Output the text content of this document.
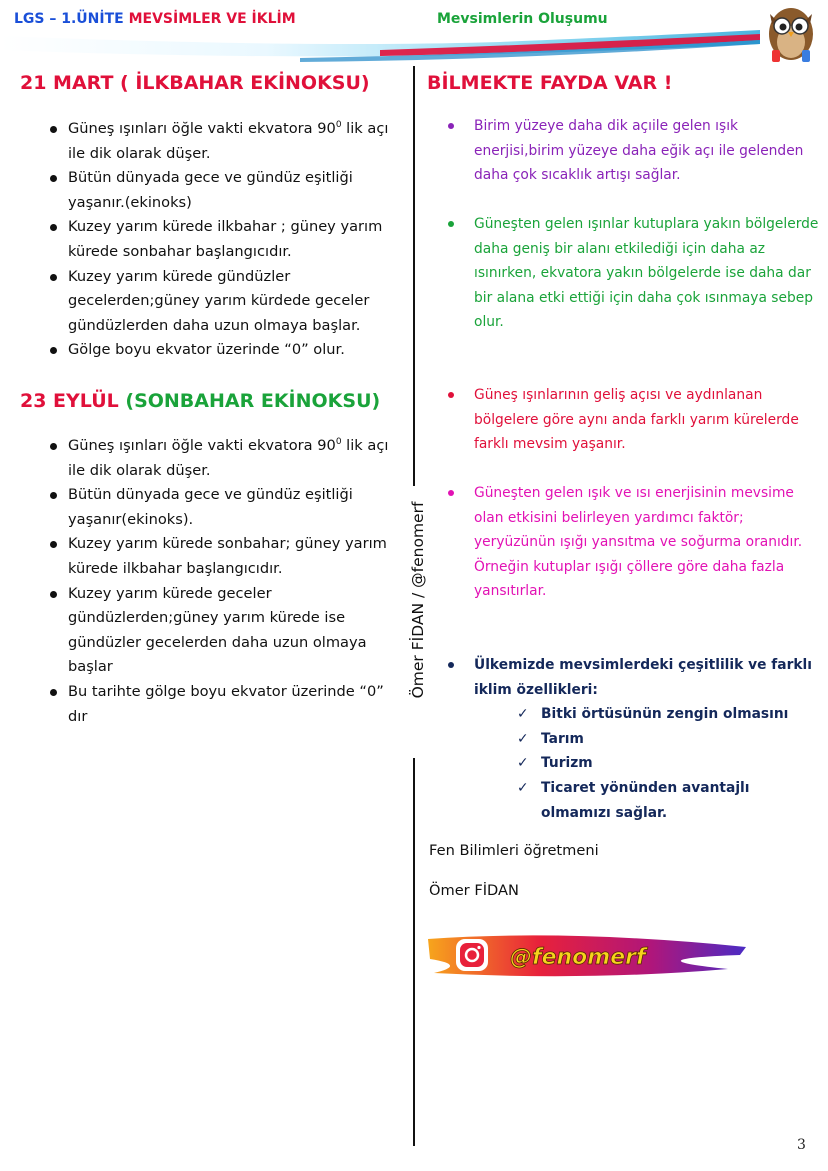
LGS – 1.ÜNİTE MEVSİMLER VE İKLİM	Mevsimlerin Oluşumu
Ömer FİDAN / @fenomerf
21 MART ( İLKBAHAR EKİNOKSU)
Güneş ışınları öğle vakti ekvatora $90^0$ lik açı ile dik olarak düşer.
Bütün dünyada gece ve gündüz eşitliği yaşanır.(ekinoks)
Kuzey yarım kürede ilkbahar ; güney yarım kürede sonbahar başlangıcıdır.
Kuzey yarım kürede gündüzler gecelerden;güney yarım kürdede geceler gündüzlerden daha uzun olmaya başlar.
Gölge boyu ekvator üzerinde “0” olur.
23 EYLÜL (SONBAHAR EKİNOKSU)
Güneş ışınları öğle vakti ekvatora $90^0$ lik açı ile dik olarak düşer.
Bütün dünyada gece ve gündüz eşitliği yaşanır(ekinoks).
Kuzey yarım kürede sonbahar; güney yarım kürede ilkbahar başlangıcıdır.
Kuzey yarım kürede geceler gündüzlerden;güney yarım kürede ise gündüzler gecelerden daha uzun olmaya başlar
Bu tarihte gölge boyu ekvator üzerinde “0” dır
BİLMEKTE FAYDA VAR !
Birim yüzeye daha dik açıile gelen ışık enerjisi,birim yüzeye daha eğik açı ile gelenden daha çok sıcaklık artışı sağlar.
Güneşten gelen ışınlar kutuplara yakın bölgelerde daha geniş bir alanı etkilediği için daha az ısınırken, ekvatora yakın bölgelerde ise daha dar bir alana etki ettiği için daha çok ısınmaya sebep olur.
Güneş ışınlarının geliş açısı ve aydınlanan bölgelere göre aynı anda farklı yarım kürelerde farklı mevsim yaşanır.
Güneşten gelen ışık ve ısı enerjisinin mevsime olan etkisini belirleyen yardımcı faktör; yeryüzünün ışığı yansıtma ve soğurma oranıdır. Örneğin kutuplar ışığı çöllere göre daha fazla yansıtırlar.
Ülkemizde mevsimlerdeki çeşitlilik ve farklı iklim özellikleri:
✓ Bitki örtüsünün zengin olmasını
✓ Tarım
✓ Turizm
✓ Ticaret yönünden avantajlı olmamızı sağlar.
Fen Bilimleri öğretmeni
Ömer FİDAN
@fenomerf
3
